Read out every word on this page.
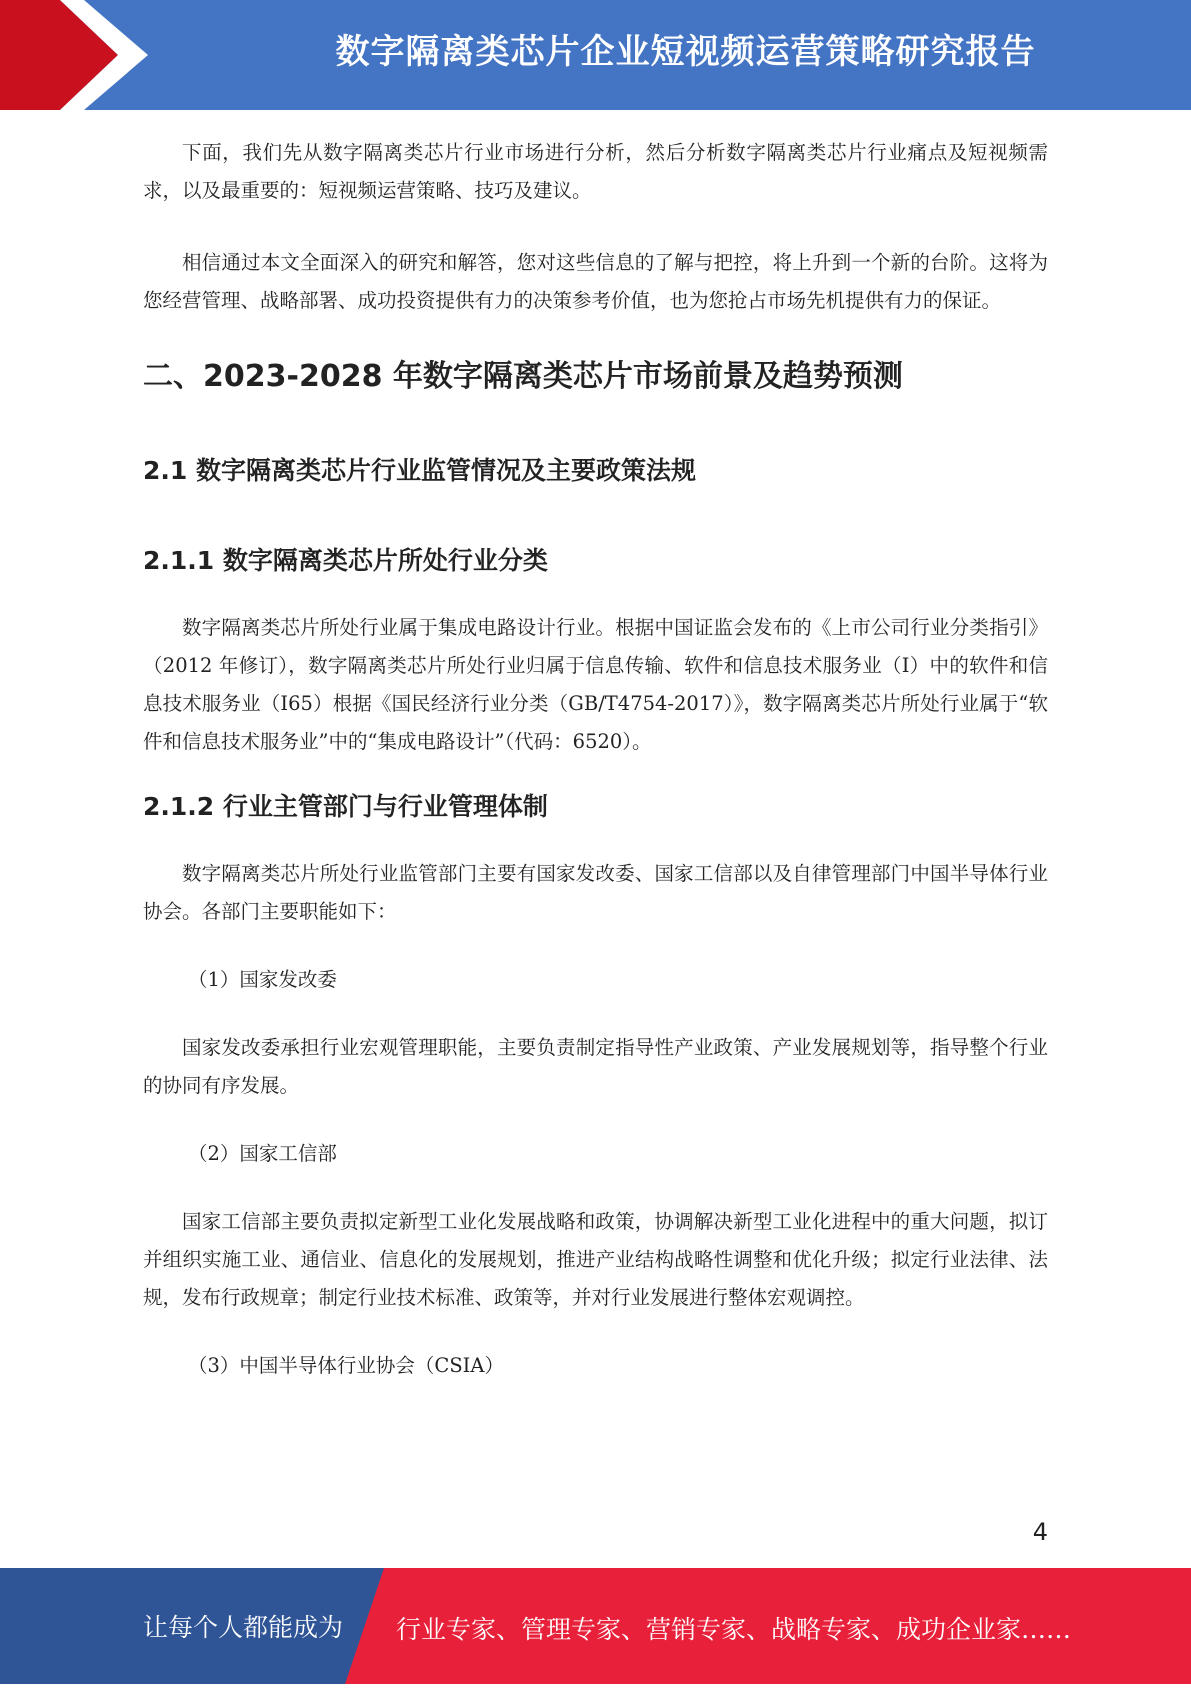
数字隔离类芯片企业短视频运营策略研究报告

下面，我们先从数字隔离类芯片行业市场进行分析，然后分析数字隔离类芯片行业痛点及短视频需求，以及最重要的：短视频运营策略、技巧及建议。

相信通过本文全面深入的研究和解答，您对这些信息的了解与把控，将上升到一个新的台阶。这将为您经营管理、战略部署、成功投资提供有力的决策参考价值，也为您抢占市场先机提供有力的保证。

二、2023-2028 年数字隔离类芯片市场前景及趋势预测
2.1 数字隔离类芯片行业监管情况及主要政策法规
2.1.1 数字隔离类芯片所处行业分类

数字隔离类芯片所处行业属于集成电路设计行业。根据中国证监会发布的《上市公司行业分类指引》（2012 年修订），数字隔离类芯片所处行业归属于信息传输、软件和信息技术服务业（I）中的软件和信息技术服务业（I65）根据《国民经济行业分类（GB/T4754-2017）》，数字隔离类芯片所处行业属于“软件和信息技术服务业”中的“集成电路设计”（代码：6520）。

2.1.2 行业主管部门与行业管理体制

数字隔离类芯片所处行业监管部门主要有国家发改委、国家工信部以及自律管理部门中国半导体行业协会。各部门主要职能如下：

（1）国家发改委

国家发改委承担行业宏观管理职能，主要负责制定指导性产业政策、产业发展规划等，指导整个行业的协同有序发展。

（2）国家工信部

国家工信部主要负责拟定新型工业化发展战略和政策，协调解决新型工业化进程中的重大问题，拟订并组织实施工业、通信业、信息化的发展规划，推进产业结构战略性调整和优化升级；拟定行业法律、法规，发布行政规章；制定行业技术标准、政策等，并对行业发展进行整体宏观调控。

（3）中国半导体行业协会（CSIA）

4
让每个人都能成为 行业专家、管理专家、营销专家、战略专家、成功企业家……
